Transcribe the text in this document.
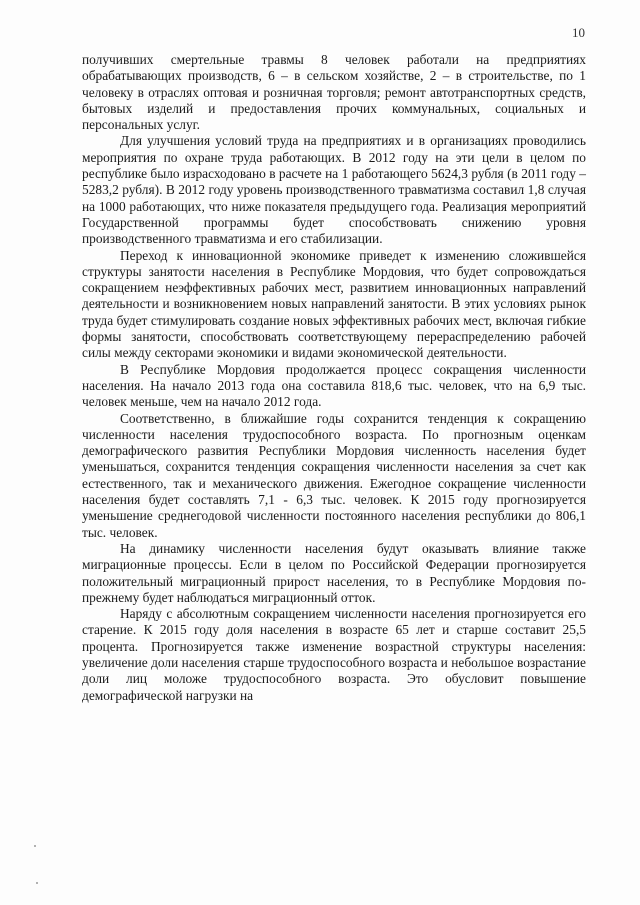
10

получивших смертельные травмы 8 человек работали на предприятиях обрабатывающих производств, 6 – в сельском хозяйстве, 2 – в строительстве, по 1 человеку в отраслях оптовая и розничная торговля; ремонт автотранспортных средств, бытовых изделий и предоставления прочих коммунальных, социальных и персональных услуг.

Для улучшения условий труда на предприятиях и в организациях проводились мероприятия по охране труда работающих. В 2012 году на эти цели в целом по республике было израсходовано в расчете на 1 работающего 5624,3 рубля (в 2011 году – 5283,2 рубля). В 2012 году уровень производственного травматизма составил 1,8 случая на 1000 работающих, что ниже показателя предыдущего года. Реализация мероприятий Государственной программы будет способствовать снижению уровня производственного травматизма и его стабилизации.

Переход к инновационной экономике приведет к изменению сложившейся структуры занятости населения в Республике Мордовия, что будет сопровождаться сокращением неэффективных рабочих мест, развитием инновационных направлений деятельности и возникновением новых направлений занятости. В этих условиях рынок труда будет стимулировать создание новых эффективных рабочих мест, включая гибкие формы занятости, способствовать соответствующему перераспределению рабочей силы между секторами экономики и видами экономической деятельности.

В Республике Мордовия продолжается процесс сокращения численности населения. На начало 2013 года она составила 818,6 тыс. человек, что на 6,9 тыс. человек меньше, чем на начало 2012 года.

Соответственно, в ближайшие годы сохранится тенденция к сокращению численности населения трудоспособного возраста. По прогнозным оценкам демографического развития Республики Мордовия численность населения будет уменьшаться, сохранится тенденция сокращения численности населения за счет как естественного, так и механического движения. Ежегодное сокращение численности населения будет составлять 7,1 - 6,3 тыс. человек. К 2015 году прогнозируется уменьшение среднегодовой численности постоянного населения республики до 806,1 тыс. человек.

На динамику численности населения будут оказывать влияние также миграционные процессы. Если в целом по Российской Федерации прогнозируется положительный миграционный прирост населения, то в Республике Мордовия по-прежнему будет наблюдаться миграционный отток.

Наряду с абсолютным сокращением численности населения прогнозируется его старение. К 2015 году доля населения в возрасте 65 лет и старше составит 25,5 процента. Прогнозируется также изменение возрастной структуры населения: увеличение доли населения старше трудоспособного возраста и небольшое возрастание доли лиц моложе трудоспособного возраста. Это обусловит повышение демографической нагрузки на
